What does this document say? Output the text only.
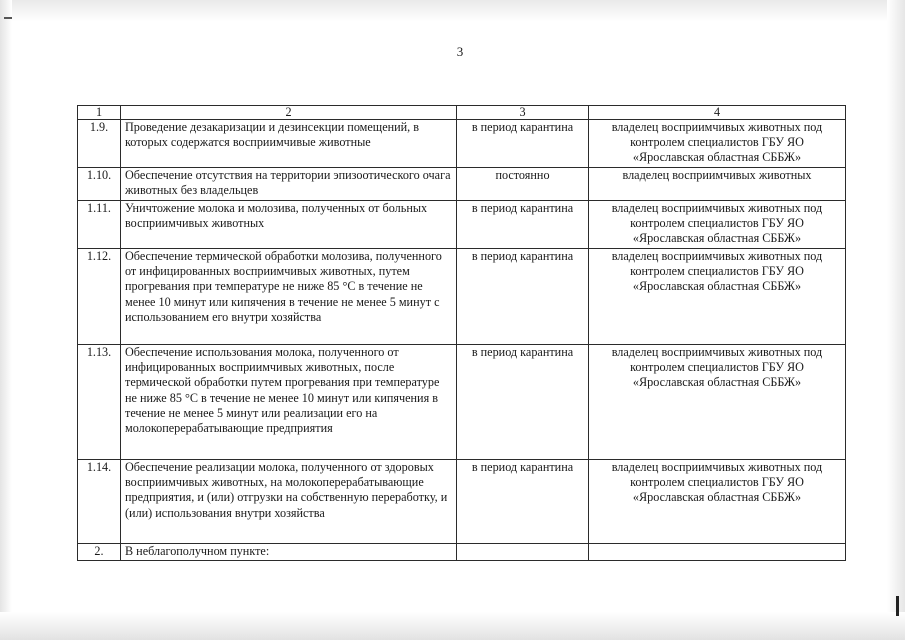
3
1	2	3	4
1.9.	Проведение дезакаризации и дезинсекции помещений, в которых содержатся восприимчивые животные	в период карантина	владелец восприимчивых животных под контролем специалистов ГБУ ЯО «Ярославская областная СББЖ»
1.10.	Обеспечение отсутствия на территории эпизоотического очага животных без владельцев	постоянно	владелец восприимчивых животных
1.11.	Уничтожение молока и молозива, полученных от больных восприимчивых животных	в период карантина	владелец восприимчивых животных под контролем специалистов ГБУ ЯО «Ярославская областная СББЖ»
1.12.	Обеспечение термической обработки молозива, полученного от инфицированных восприимчивых животных, путем прогревания при температуре не ниже 85 °С в течение не менее 10 минут или кипячения в течение не менее 5 минут с использованием его внутри хозяйства	в период карантина	владелец восприимчивых животных под контролем специалистов ГБУ ЯО «Ярославская областная СББЖ»
1.13.	Обеспечение использования молока, полученного от инфицированных восприимчивых животных, после термической обработки путем прогревания при температуре не ниже 85 °С в течение не менее 10 минут или кипячения в течение не менее 5 минут или реализации его на молокоперерабатывающие предприятия	в период карантина	владелец восприимчивых животных под контролем специалистов ГБУ ЯО «Ярославская областная СББЖ»
1.14.	Обеспечение реализации молока, полученного от здоровых восприимчивых животных, на молокоперерабатывающие предприятия, и (или) отгрузки на собственную переработку, и (или) использования внутри хозяйства	в период карантина	владелец восприимчивых животных под контролем специалистов ГБУ ЯО «Ярославская областная СББЖ»
2.	В неблагополучном пункте:		
